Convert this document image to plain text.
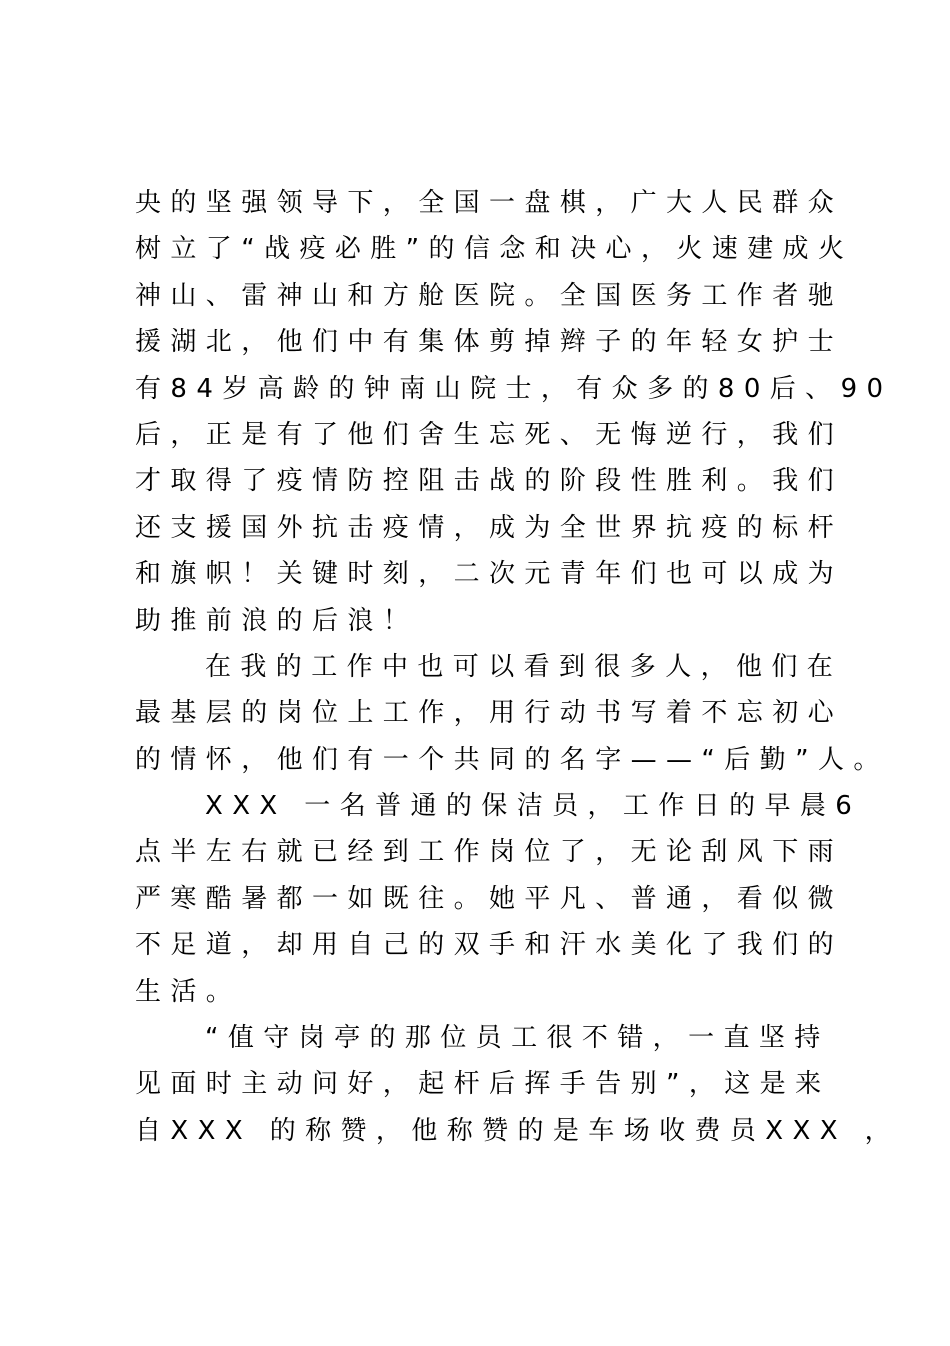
央的坚强领导下，全国一盘棋，广大人民群众
树立了“战疫必胜”的信念和决心，火速建成火
神山、雷神山和方舱医院。全国医务工作者驰
援湖北，他们中有集体剪掉辫子的年轻女护士
有84岁高龄的钟南山院士，有众多的80后、90
后，正是有了他们舍生忘死、无悔逆行，我们
才取得了疫情防控阻击战的阶段性胜利。我们
还支援国外抗击疫情，成为全世界抗疫的标杆
和旗帜！关键时刻，二次元青年们也可以成为
助推前浪的后浪！
在我的工作中也可以看到很多人，他们在
最基层的岗位上工作，用行动书写着不忘初心
的情怀，他们有一个共同的名字——“后勤”人。
XXX 一名普通的保洁员，工作日的早晨6
点半左右就已经到工作岗位了，无论刮风下雨
严寒酷暑都一如既往。她平凡、普通，看似微
不足道，却用自己的双手和汗水美化了我们的
生活。
“值守岗亭的那位员工很不错，一直坚持
见面时主动问好，起杆后挥手告别”，这是来
自XXX 的称赞，他称赞的是车场收费员XXX ，
